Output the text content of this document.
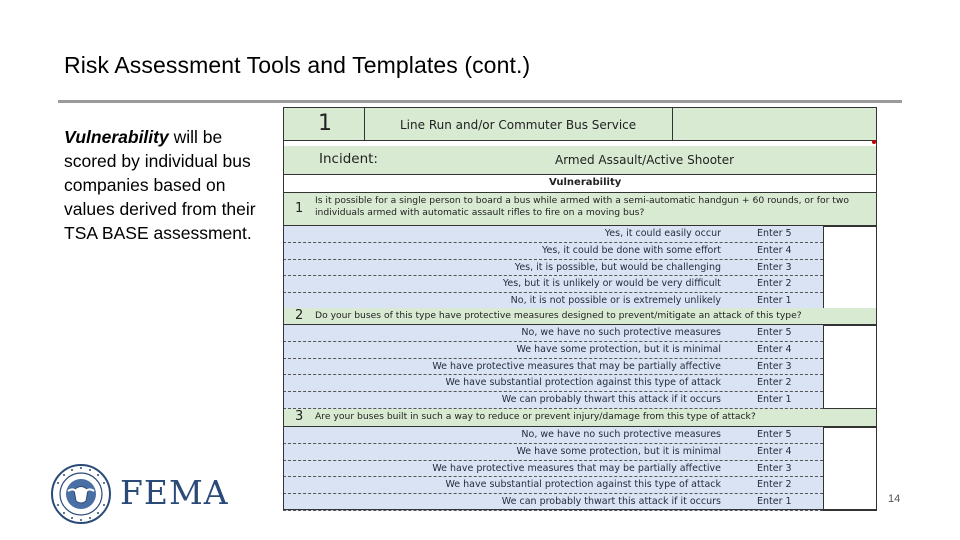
Risk Assessment Tools and Templates (cont.)
Vulnerability will be scored by individual bus companies based on values derived from their TSA BASE assessment.
FEMA
1	Line Run and/or Commuter Bus Service
Incident:	Armed Assault/Active Shooter
Vulnerability
1
Is it possible for a single person to board a bus while armed with a semi-automatic handgun + 60 rounds, or for two individuals armed with automatic assault rifles to fire on a moving bus?
Yes, it could easily occur	Enter 5
Yes, it could be done with some effort	Enter 4
Yes, it is possible, but would be challenging	Enter 3
Yes, but it is unlikely or would be very difficult	Enter 2
No, it is not possible or is extremely unlikely	Enter 1
2 Do your buses of this type have protective measures designed to prevent/mitigate an attack of this type?
No, we have no such protective measures	Enter 5
We have some protection, but it is minimal	Enter 4
We have protective measures that may be partially affective	Enter 3
We have substantial protection against this type of attack	Enter 2
We can probably thwart this attack if it occurs	Enter 1
3 Are your buses built in such a way to reduce or prevent injury/damage from this type of attack?
No, we have no such protective measures	Enter 5
We have some protection, but it is minimal	Enter 4
We have protective measures that may be partially affective	Enter 3
We have substantial protection against this type of attack	Enter 2
We can probably thwart this attack if it occurs	Enter 1	14
